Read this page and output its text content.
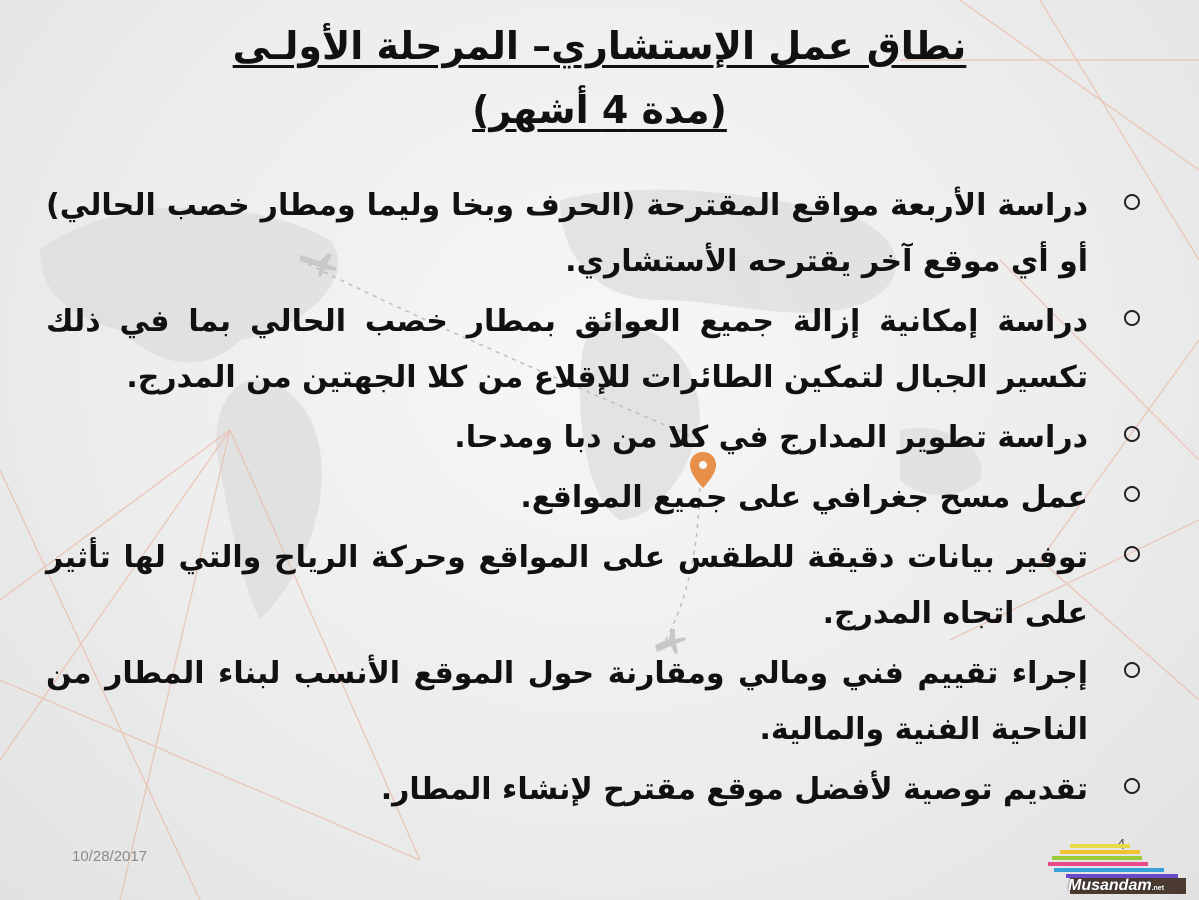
نطاق عمل الإستشاري– المرحلة الأولـى
(مدة 4 أشهر)
دراسة الأربعة مواقع المقترحة (الحرف وبخا وليما ومطار خصب الحالي) أو أي موقع آخر يقترحه الأستشاري.
دراسة إمكانية إزالة جميع العوائق بمطار خصب الحالي بما في ذلك تكسير الجبال لتمكين الطائرات للإقلاع من كلا الجهتين من المدرج.
دراسة تطوير المدارج في كلا من دبا ومدحا.
عمل مسح جغرافي على جميع المواقع.
توفير بيانات دقيقة للطقس على المواقع وحركة الرياح والتي لها تأثير على اتجاه المدرج.
إجراء تقييم فني ومالي ومقارنة حول الموقع الأنسب لبناء المطار من الناحية الفنية والمالية.
تقديم توصية لأفضل موقع مقترح لإنشاء المطار.
10/28/2017
Musandam.net
